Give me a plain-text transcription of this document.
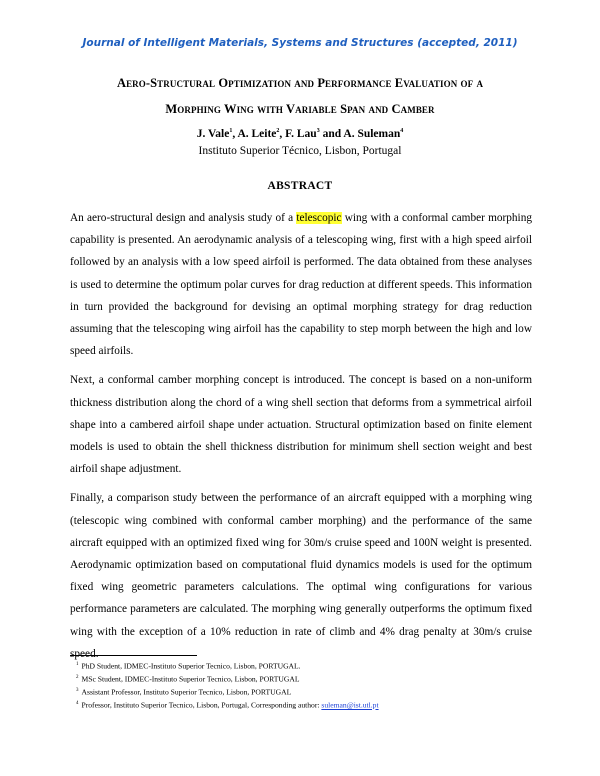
Journal of Intelligent Materials, Systems and Structures (accepted, 2011)
Aero-Structural Optimization and Performance Evaluation of a
Morphing Wing with Variable Span and Camber
J. Vale$^1$, A. Leite$^2$, F. Lau$^3$ and A. Suleman$^4$
Instituto Superior Técnico, Lisbon, Portugal
ABSTRACT

An aero-structural design and analysis study of a telescopic wing with a conformal camber morphing capability is presented. An aerodynamic analysis of a telescoping wing, first with a high speed airfoil followed by an analysis with a low speed airfoil is performed. The data obtained from these analyses is used to determine the optimum polar curves for drag reduction at different speeds. This information in turn provided the background for devising an optimal morphing strategy for drag reduction assuming that the telescoping wing airfoil has the capability to step morph between the high and low speed airfoils.

Next, a conformal camber morphing concept is introduced. The concept is based on a non-uniform thickness distribution along the chord of a wing shell section that deforms from a symmetrical airfoil shape into a cambered airfoil shape under actuation. Structural optimization based on finite element models is used to obtain the shell thickness distribution for minimum shell section weight and best airfoil shape adjustment.

Finally, a comparison study between the performance of an aircraft equipped with a morphing wing (telescopic wing combined with conformal camber morphing) and the performance of the same aircraft equipped with an optimized fixed wing for 30m/s cruise speed and 100N weight is presented. Aerodynamic optimization based on computational fluid dynamics models is used for the optimum fixed wing geometric parameters calculations. The optimal wing configurations for various performance parameters are calculated. The morphing wing generally outperforms the optimum fixed wing with the exception of a 10% reduction in rate of climb and 4% drag penalty at 30m/s cruise speed.

$^1$ PhD Student, IDMEC-Instituto Superior Tecnico, Lisbon, PORTUGAL.
$^2$ MSc Student, IDMEC-Instituto Superior Tecnico, Lisbon, PORTUGAL
$^3$ Assistant Professor, Instituto Superior Tecnico, Lisbon, PORTUGAL
$^4$ Professor, Instituto Superior Tecnico, Lisbon, Portugal, Corresponding author: suleman@ist.utl.pt
